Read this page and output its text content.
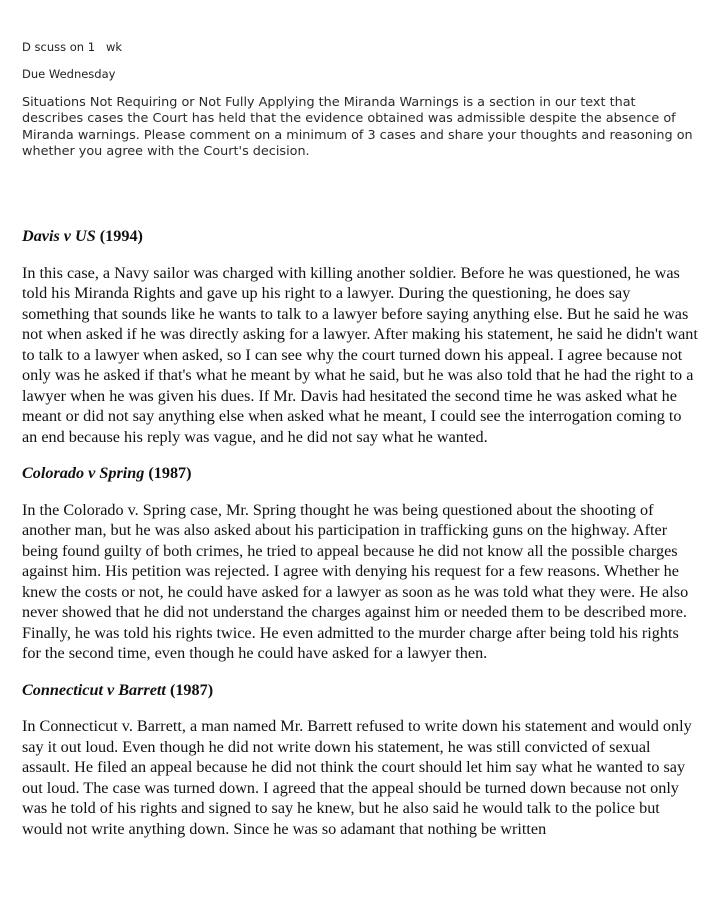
D scuss on 1   wk

Due Wednesday

Situations Not Requiring or Not Fully Applying the Miranda Warnings is a section in our text that describes cases the Court has held that the evidence obtained was admissible despite the absence of Miranda warnings. Please comment on a minimum of 3 cases and share your thoughts and reasoning on whether you agree with the Court's decision.

Davis v US (1994)

In this case, a Navy sailor was charged with killing another soldier. Before he was questioned, he was told his Miranda Rights and gave up his right to a lawyer. During the questioning, he does say something that sounds like he wants to talk to a lawyer before saying anything else. But he said he was not when asked if he was directly asking for a lawyer. After making his statement, he said he didn't want to talk to a lawyer when asked, so I can see why the court turned down his appeal. I agree because not only was he asked if that's what he meant by what he said, but he was also told that he had the right to a lawyer when he was given his dues. If Mr. Davis had hesitated the second time he was asked what he meant or did not say anything else when asked what he meant, I could see the interrogation coming to an end because his reply was vague, and he did not say what he wanted.

Colorado v Spring (1987)

In the Colorado v. Spring case, Mr. Spring thought he was being questioned about the shooting of another man, but he was also asked about his participation in trafficking guns on the highway. After being found guilty of both crimes, he tried to appeal because he did not know all the possible charges against him. His petition was rejected. I agree with denying his request for a few reasons. Whether he knew the costs or not, he could have asked for a lawyer as soon as he was told what they were. He also never showed that he did not understand the charges against him or needed them to be described more. Finally, he was told his rights twice. He even admitted to the murder charge after being told his rights for the second time, even though he could have asked for a lawyer then.

Connecticut v Barrett (1987)

In Connecticut v. Barrett, a man named Mr. Barrett refused to write down his statement and would only say it out loud. Even though he did not write down his statement, he was still convicted of sexual assault. He filed an appeal because he did not think the court should let him say what he wanted to say out loud. The case was turned down. I agreed that the appeal should be turned down because not only was he told of his rights and signed to say he knew, but he also said he would talk to the police but would not write anything down. Since he was so adamant that nothing be written
